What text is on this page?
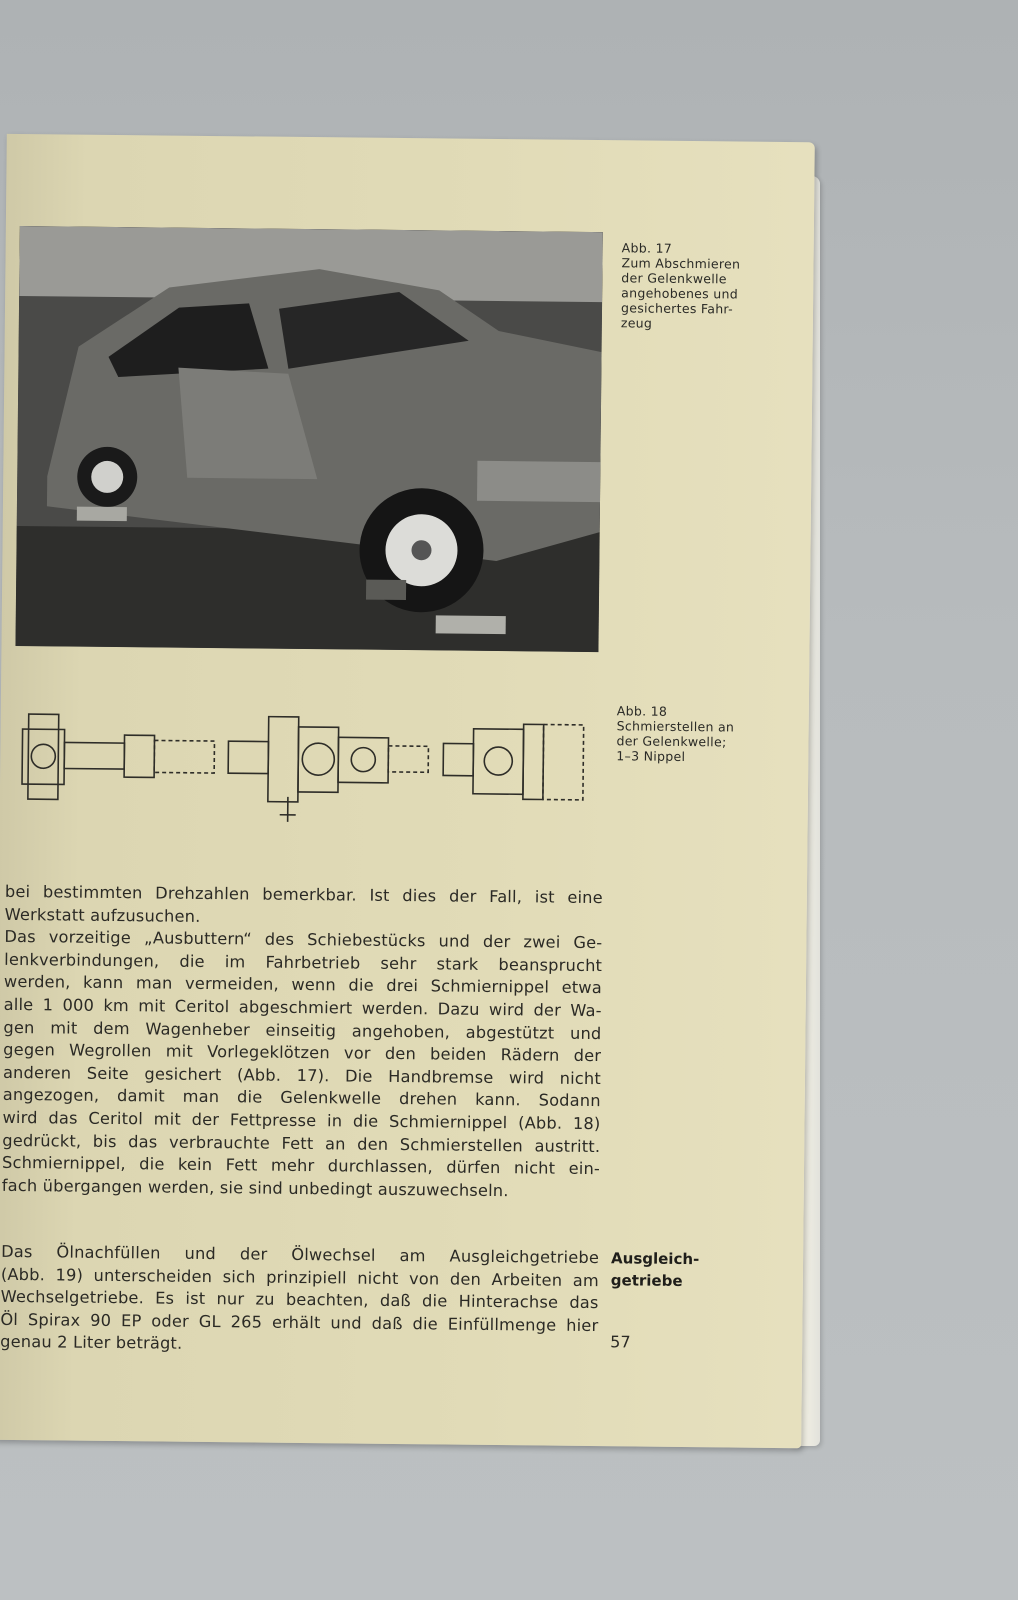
Abb. 17
Zum Abschmieren
der Gelenkwelle
angehobenes und
gesichertes Fahr-
zeug
Abb. 18
Schmierstellen an
der Gelenkwelle;
1–3 Nippel
bei bestimmten Drehzahlen bemerkbar. Ist dies der Fall, ist eine
Werkstatt aufzusuchen.
Das vorzeitige „Ausbuttern“ des Schiebestücks und der zwei Ge-
lenkverbindungen, die im Fahrbetrieb sehr stark beansprucht
werden, kann man vermeiden, wenn die drei Schmiernippel etwa
alle 1 000 km mit Ceritol abgeschmiert werden. Dazu wird der Wa-
gen mit dem Wagenheber einseitig angehoben, abgestützt und
gegen Wegrollen mit Vorlegeklötzen vor den beiden Rädern der
anderen Seite gesichert (Abb. 17). Die Handbremse wird nicht
angezogen, damit man die Gelenkwelle drehen kann. Sodann
wird das Ceritol mit der Fettpresse in die Schmiernippel (Abb. 18)
gedrückt, bis das verbrauchte Fett an den Schmierstellen austritt.
Schmiernippel, die kein Fett mehr durchlassen, dürfen nicht ein-
fach übergangen werden, sie sind unbedingt auszuwechseln.
Das Ölnachfüllen und der Ölwechsel am Ausgleichgetriebe
(Abb. 19) unterscheiden sich prinzipiell nicht von den Arbeiten am
Wechselgetriebe. Es ist nur zu beachten, daß die Hinterachse das
Öl Spirax 90 EP oder GL 265 erhält und daß die Einfüllmenge hier
genau 2 Liter beträgt.
Ausgleich-
getriebe
57
